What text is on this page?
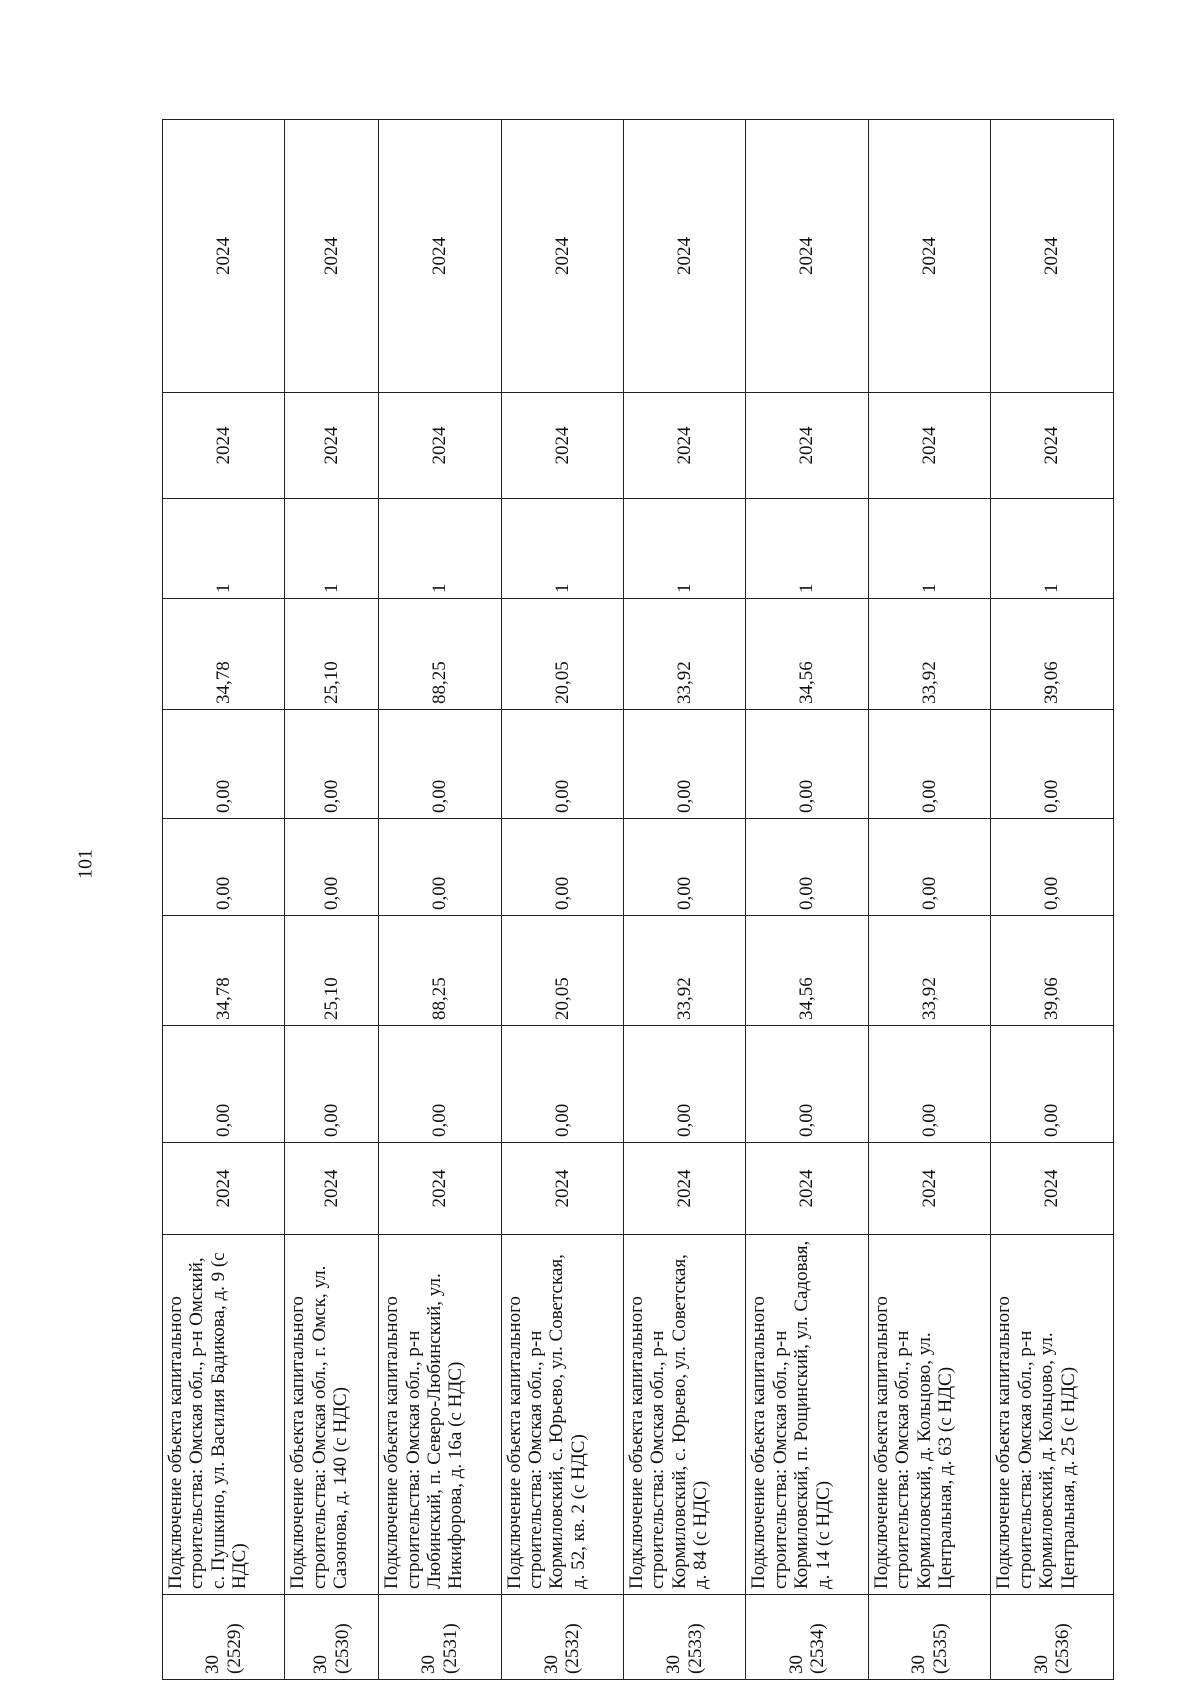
101
30 (2529)	Подключение объекта капитального строительства: Омская обл., р-н Омский, с. Пушкино, ул. Василия Бадикова, д. 9 (с НДС)	2024	0,00	34,78	0,00	0,00	34,78	1	2024	2024

30 (2530)	Подключение объекта капитального строительства: Омская обл., г. Омск, ул. Сазонова, д. 140 (с НДС)	2024	0,00	25,10	0,00	0,00	25,10	1	2024	2024

30 (2531)	Подключение объекта капитального строительства: Омская обл., р-н Любинский, п. Северо-Любинский, ул. Никифорова, д. 16а (с НДС)	2024	0,00	88,25	0,00	0,00	88,25	1	2024	2024

30 (2532)	Подключение объекта капитального строительства: Омская обл., р-н Кормиловский, с. Юрьево, ул. Советская, д. 52, кв. 2 (с НДС)	2024	0,00	20,05	0,00	0,00	20,05	1	2024	2024

30 (2533)	Подключение объекта капитального строительства: Омская обл., р-н Кормиловский, с. Юрьево, ул. Советская, д. 84 (с НДС)	2024	0,00	33,92	0,00	0,00	33,92	1	2024	2024

30 (2534)	Подключение объекта капитального строительства: Омская обл., р-н Кормиловский, п. Рощинский, ул. Садовая, д. 14 (с НДС)	2024	0,00	34,56	0,00	0,00	34,56	1	2024	2024

30 (2535)	Подключение объекта капитального строительства: Омская обл., р-н Кормиловский, д. Кольцово, ул. Центральная, д. 63 (с НДС)	2024	0,00	33,92	0,00	0,00	33,92	1	2024	2024

30 (2536)	Подключение объекта капитального строительства: Омская обл., р-н Кормиловский, д. Кольцово, ул. Центральная, д. 25 (с НДС)	2024	0,00	39,06	0,00	0,00	39,06	1	2024	2024
